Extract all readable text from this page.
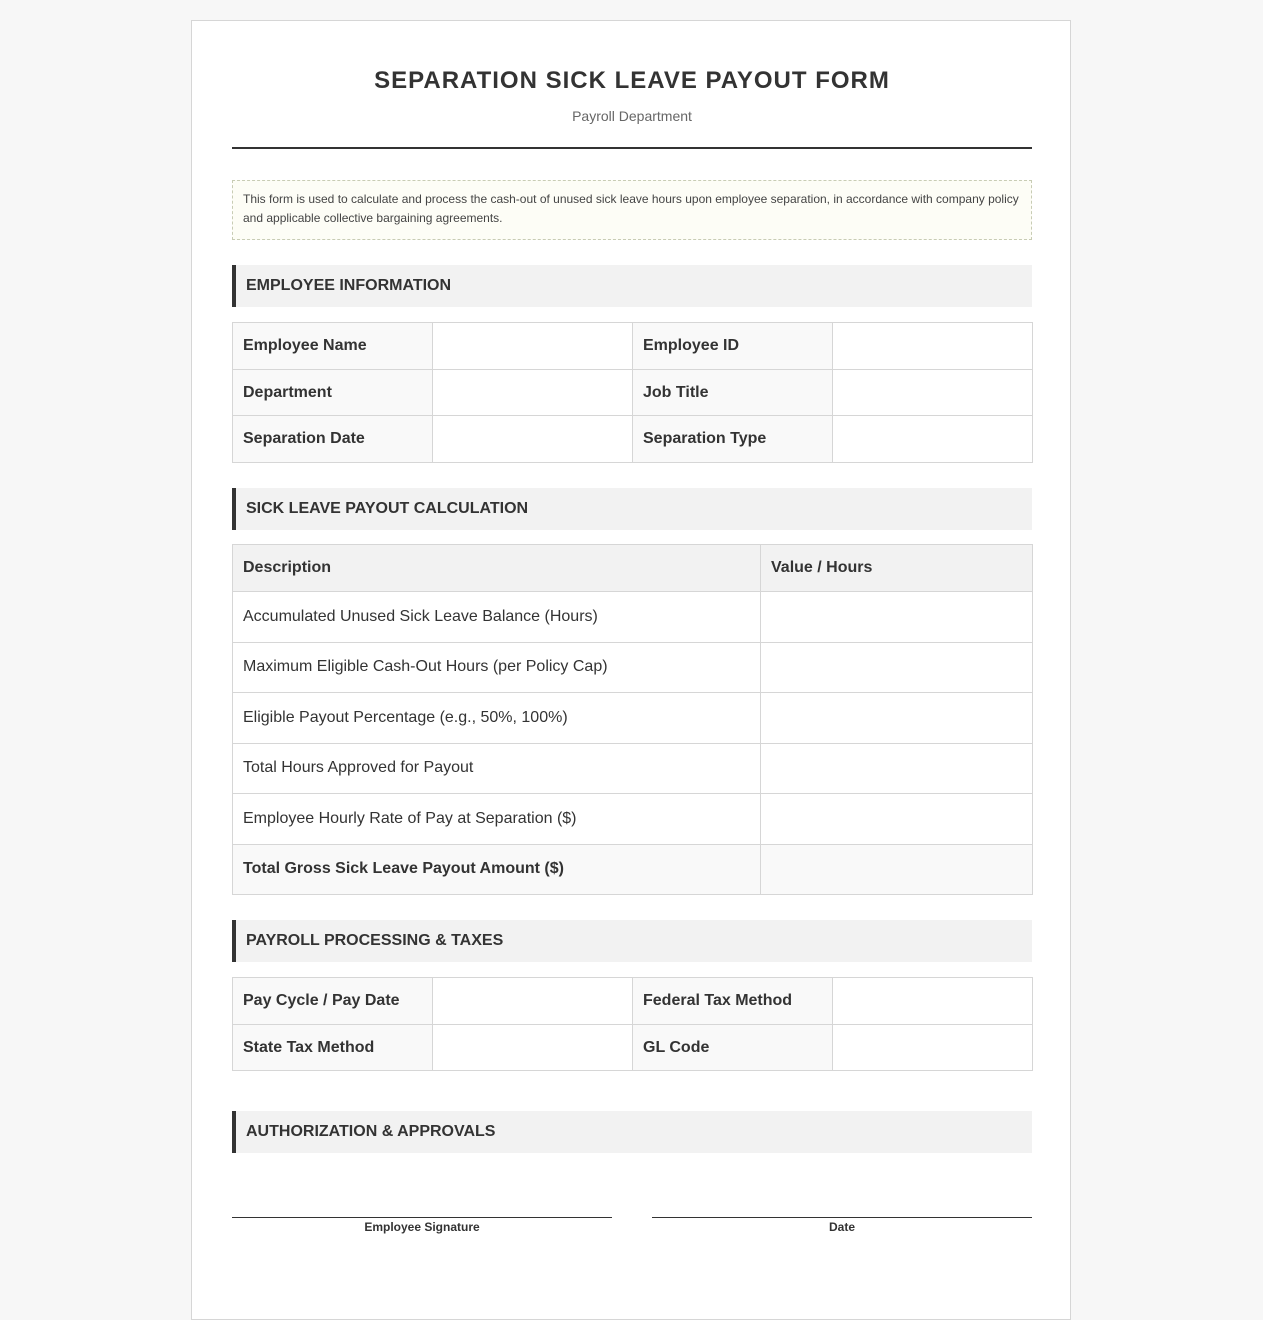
SEPARATION SICK LEAVE PAYOUT FORM
Payroll Department
This form is used to calculate and process the cash-out of unused sick leave hours upon employee separation, in accordance with company policy and applicable collective bargaining agreements.
EMPLOYEE INFORMATION
Employee Name		Employee ID	
Department		Job Title	
Separation Date		Separation Type	
SICK LEAVE PAYOUT CALCULATION
Description	Value / Hours
Accumulated Unused Sick Leave Balance (Hours)	
Maximum Eligible Cash-Out Hours (per Policy Cap)	
Eligible Payout Percentage (e.g., 50%, 100%)	
Total Hours Approved for Payout	
Employee Hourly Rate of Pay at Separation ($)	
Total Gross Sick Leave Payout Amount ($)	
PAYROLL PROCESSING & TAXES
Pay Cycle / Pay Date		Federal Tax Method	
State Tax Method		GL Code	
AUTHORIZATION & APPROVALS
Employee Signature	Date
